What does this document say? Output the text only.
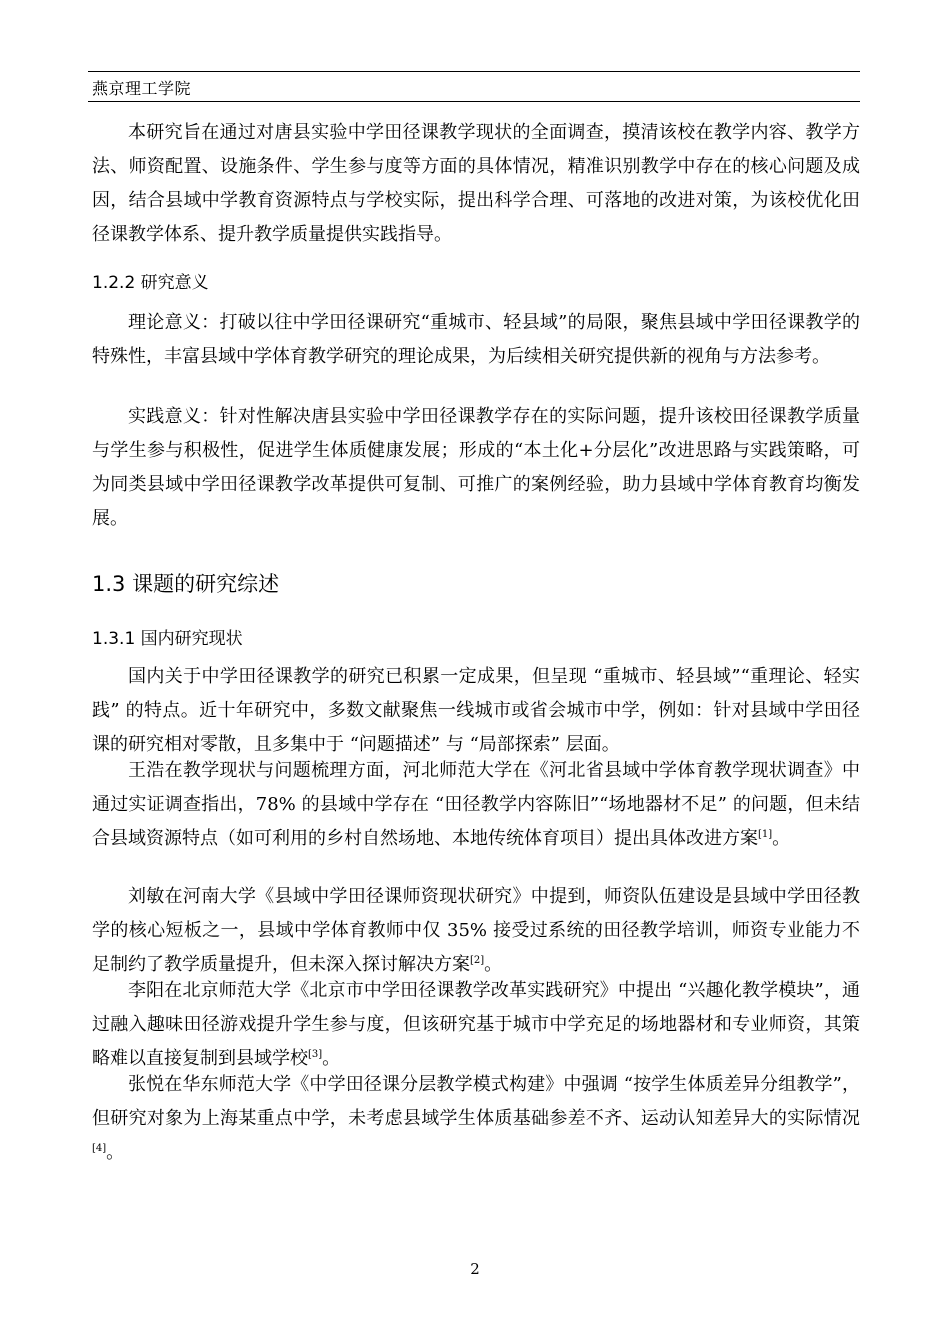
燕京理工学院

本研究旨在通过对唐县实验中学田径课教学现状的全面调查，摸清该校在教学内容、教学方法、师资配置、设施条件、学生参与度等方面的具体情况，精准识别教学中存在的核心问题及成因，结合县域中学教育资源特点与学校实际，提出科学合理、可落地的改进对策，为该校优化田径课教学体系、提升教学质量提供实践指导。

1.2.2 研究意义

理论意义：打破以往中学田径课研究“重城市、轻县域”的局限，聚焦县域中学田径课教学的特殊性，丰富县域中学体育教学研究的理论成果，为后续相关研究提供新的视角与方法参考。

实践意义：针对性解决唐县实验中学田径课教学存在的实际问题，提升该校田径课教学质量与学生参与积极性，促进学生体质健康发展；形成的“本土化+分层化”改进思路与实践策略，可为同类县域中学田径课教学改革提供可复制、可推广的案例经验，助力县域中学体育教育均衡发展。

1.3 课题的研究综述
1.3.1 国内研究现状

国内关于中学田径课教学的研究已积累一定成果，但呈现 “重城市、轻县域”“重理论、轻实践” 的特点。近十年研究中，多数文献聚焦一线城市或省会城市中学，例如：针对县域中学田径课的研究相对零散，且多集中于 “问题描述” 与 “局部探索” 层面。

王浩在教学现状与问题梳理方面，河北师范大学在《河北省县域中学体育教学现状调查》中通过实证调查指出，78% 的县域中学存在 “田径教学内容陈旧”“场地器材不足” 的问题，但未结合县域资源特点（如可利用的乡村自然场地、本地传统体育项目）提出具体改进方案[1]。

刘敏在河南大学《县域中学田径课师资现状研究》中提到，师资队伍建设是县域中学田径教学的核心短板之一，县域中学体育教师中仅 35% 接受过系统的田径教学培训，师资专业能力不足制约了教学质量提升，但未深入探讨解决方案[2]。

李阳在北京师范大学《北京市中学田径课教学改革实践研究》中提出 “兴趣化教学模块”，通过融入趣味田径游戏提升学生参与度，但该研究基于城市中学充足的场地器材和专业师资，其策略难以直接复制到县域学校[3]。

张悦在华东师范大学《中学田径课分层教学模式构建》中强调 “按学生体质差异分组教学”，但研究对象为上海某重点中学，未考虑县域学生体质基础参差不齐、运动认知差异大的实际情况[4]。

2
